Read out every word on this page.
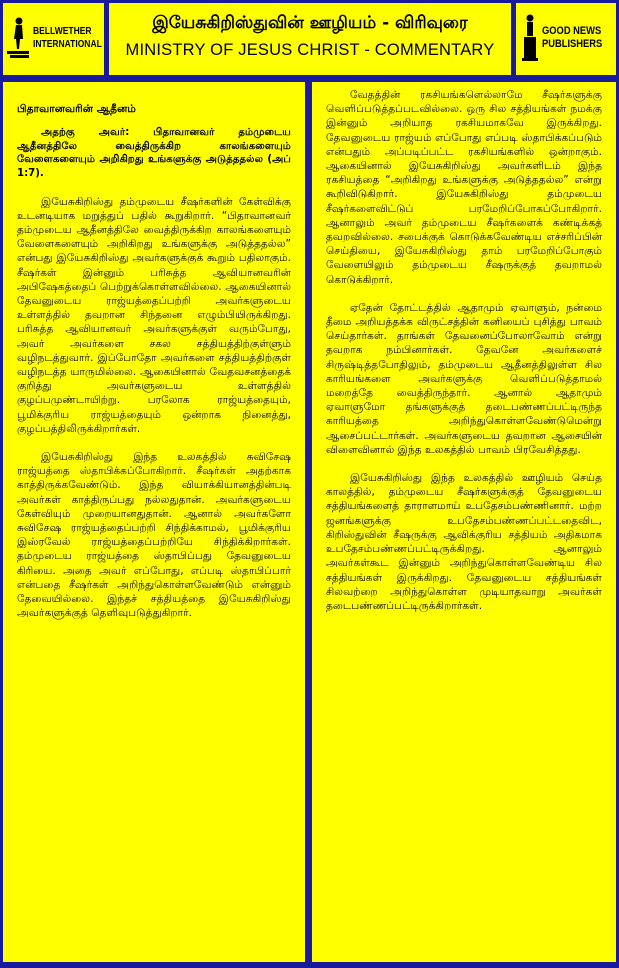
BELLWETHER
INTERNATIONAL
இயேசுகிறிஸ்துவின் ஊழியம் - விரிவுரை
MINISTRY OF JESUS CHRIST - COMMENTARY
GOOD NEWS
PUBLISHERS
பிதாவானவரின் ஆதீனம்
அதற்கு அவர்: பிதாவானவர் தம்முடைய ஆதீனத்திலே வைத்திருக்கிற காலங்களையும் வேளைகளையும் அறிகிறது உங்களுக்கு அடுத்ததல்ல (அப் 1:7).

இயேசுகிறிஸ்து தம்முடைய சீஷர்களின் கேள்விக்கு உடனடியாக மறுத்துப் பதில் கூறுகிறார். “பிதாவானவர் தம்முடைய ஆதீனத்திலே வைத்திருக்கிற காலங்களையும் வேளைகளையும் அறிகிறது உங்களுக்கு அடுத்ததல்ல” என்பது இயேசுகிறிஸ்து அவர்களுக்குக் கூறும் பதிலாகும். சீஷர்கள் இன்னும் பரிசுத்த ஆவியானவரின் அபிஷேகத்தைப் பெற்றுக்கொள்ளவில்லை. ஆகையினால் தேவனுடைய ராஜ்யத்தைப்பற்றி அவர்களுடைய உள்ளத்தில் தவறான சிந்தனை எழும்பியிருக்கிறது. பரிசுத்த ஆவியானவர் அவர்களுக்குள் வரும்போது, அவர் அவர்களை சகல சத்தியத்திற்குள்ளும் வழிநடத்துவார். இப்போதோ அவர்களை சத்தியத்திற்குள் வழிநடத்த யாருமில்லை. ஆகையினால் வேதவசனத்தைக் குறித்து அவர்களுடைய உள்ளத்தில் குழப்பமுண்டாயிற்று. பரலோக ராஜ்யத்தையும், பூமிக்குரிய ராஜ்யத்தையும் ஒன்றாக நினைத்து, குழப்பத்திலிருக்கிறார்கள்.

இயேசுகிறிஸ்து இந்த உலகத்தில் சுவிசேஷ ராஜ்யத்தை ஸ்தாபிக்கப்போகிறார். சீஷர்கள் அதற்காக காத்திருக்கவேண்டும். இந்த வியாக்கியானத்தின்படி அவர்கள் காத்திருப்பது நல்லதுதான். அவர்களுடைய கேள்வியும் முறையானதுதான். ஆனால் அவர்களோ சுவிசேஷ ராஜ்யத்தைப்பற்றி சிந்திக்காமல், பூமிக்குரிய இஸ்ரவேல் ராஜ்யத்தைப்பற்றியே சிந்திக்கிறார்கள். தம்முடைய ராஜ்யத்தை ஸ்தாபிப்பது தேவனுடைய கிரியை. அதை அவர் எப்போது, எப்படி ஸ்தாபிப்பார் என்பதை சீஷர்கள் அறிந்துகொள்ளவேண்டும் என்னும் தேவையில்லை. இந்தச் சத்தியத்தை இயேசுகிறிஸ்து அவர்களுக்குத் தெளிவுபடுத்துகிறார்.

வேதத்தின் ரகசியங்களெல்லாமே சீஷர்களுக்கு வெளிப்படுத்தப்படவில்லை. ஒரு சில சத்தியங்கள் நமக்கு இன்னும் அறியாத ரகசியமாகவே இருக்கிறது. தேவனுடைய ராஜ்யம் எப்போது எப்படி ஸ்தாபிக்கப்படும் என்பதும் அப்படிப்பட்ட ரகசியங்களில் ஒன்றாகும். ஆகையினால் இயேசுகிறிஸ்து அவர்களிடம் இந்த ரகசியத்தை “அறிகிறது உங்களுக்கு அடுத்ததல்ல” என்று கூறிவிடுகிறார். இயேசுகிறிஸ்து தம்முடைய சீஷர்களைவிட்டுப் பரமேறிப்போகப்போகிறார். ஆனாலும் அவர் தம்முடைய சீஷர்களைக் கண்டிக்கத் தவறவில்லை. சபைக்குக் கொடுக்கவேண்டிய எச்சரிப்பின் செய்தியை, இயேசுகிறிஸ்து தாம் பரமேறிப்போகும் வேளையிலும் தம்முடைய சீஷருக்குத் தவறாமல் கொடுக்கிறார்.

ஏதேன் தோட்டத்தில் ஆதாமும் ஏவாளும், நன்மை தீமை அறியத்தக்க விருட்சத்தின் கனியைப் புசித்து பாவம் செய்தார்கள். தாங்கள் தேவனைப்போலாவோம் என்று தவறாக நம்பினார்கள். தேவனே அவர்களைச் சிருஷ்டித்தபோதிலும், தம்முடைய ஆதீனத்திலுள்ள சில காரியங்களை அவர்களுக்கு வெளிப்படுத்தாமல் மறைத்தே வைத்திருந்தார். ஆனால் ஆதாமும் ஏவாளுமோ தங்களுக்குத் தடைபண்ணப்பட்டிருந்த காரியத்தை அறிந்துகொள்ளவேண்டுமென்று ஆசைப்பட்டார்கள். அவர்களுடைய தவறான ஆசையின் விளைவினால் இந்த உலகத்தில் பாவம் பிரவேசித்தது.

இயேசுகிறிஸ்து இந்த உலகத்தில் ஊழியம் செய்த காலத்தில், தம்முடைய சீஷர்களுக்குத் தேவனுடைய சத்தியங்களைத் தாராளமாய் உபதேசம்பண்ணினார். மற்ற ஜனங்களுக்கு உபதேசம்பண்ணப்பட்டதைவிட, கிறிஸ்துவின் சீஷருக்கு ஆவிக்குரிய சத்தியம் அதிகமாக உபதேசம்பண்ணப்பட்டிருக்கிறது. ஆனாலும் அவர்கள்கூட இன்னும் அறிந்துகொள்ளவேண்டிய சில சத்தியங்கள் இருக்கிறது. தேவனுடைய சத்தியங்கள் சிலவற்றை அறிந்துகொள்ள முடியாதவாறு அவர்கள் தடைபண்ணப்பட்டிருக்கிறார்கள்.
